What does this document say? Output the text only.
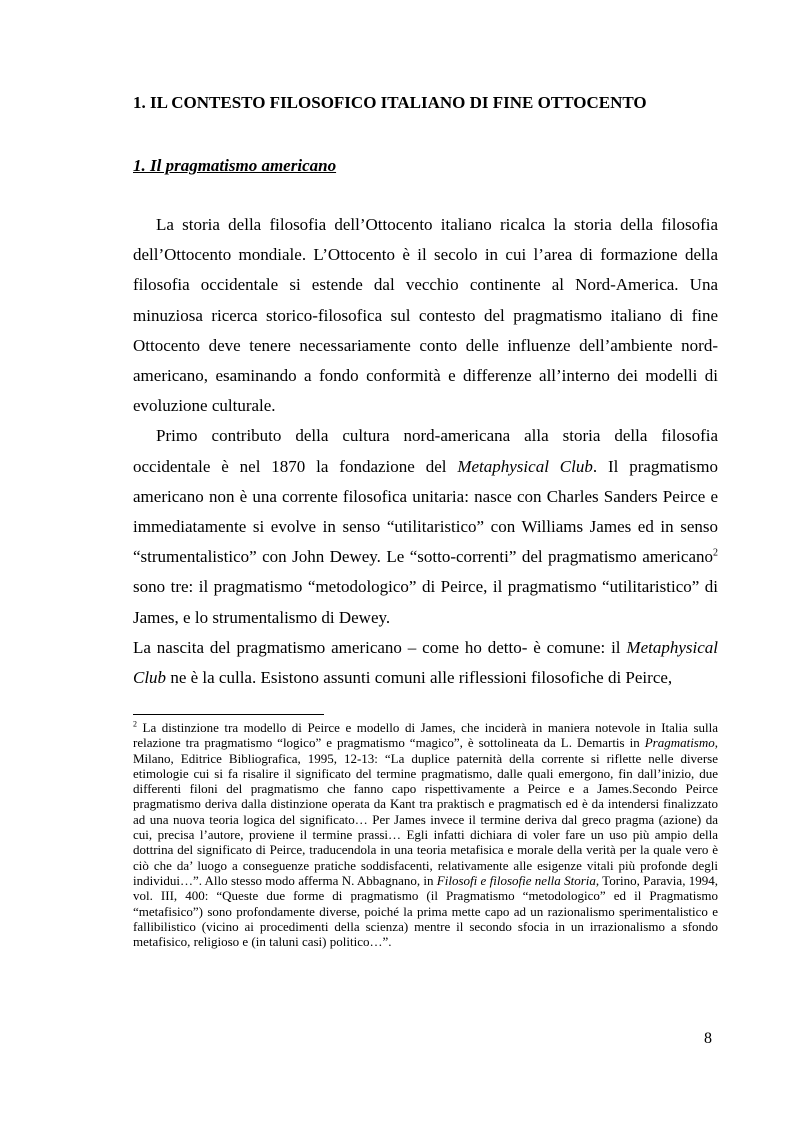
1. IL CONTESTO FILOSOFICO ITALIANO DI FINE OTTOCENTO
1. Il pragmatismo americano

La storia della filosofia dell’Ottocento italiano ricalca la storia della filosofia dell’Ottocento mondiale. L’Ottocento è il secolo in cui l’area di formazione della filosofia occidentale si estende dal vecchio continente al Nord-America. Una minuziosa ricerca storico-filosofica sul contesto del pragmatismo italiano di fine Ottocento deve tenere necessariamente conto delle influenze dell’ambiente nord-americano, esaminando a fondo conformità e differenze all’interno dei modelli di evoluzione culturale.

Primo contributo della cultura nord-americana alla storia della filosofia occidentale è nel 1870 la fondazione del Metaphysical Club. Il pragmatismo americano non è una corrente filosofica unitaria: nasce con Charles Sanders Peirce e immediatamente si evolve in senso “utilitaristico” con Williams James ed in senso “strumentalistico” con John Dewey. Le “sotto-correnti” del pragmatismo americano$^2$ sono tre: il pragmatismo “metodologico” di Peirce, il pragmatismo “utilitaristico” di James, e lo strumentalismo di Dewey.

La nascita del pragmatismo americano – come ho detto- è comune: il Metaphysical Club ne è la culla. Esistono assunti comuni alle riflessioni filosofiche di Peirce,

$^2$ La distinzione tra modello di Peirce e modello di James, che inciderà in maniera notevole in Italia sulla relazione tra pragmatismo “logico” e pragmatismo “magico”, è sottolineata da L. Demartis in Pragmatismo, Milano, Editrice Bibliografica, 1995, 12-13: “La duplice paternità della corrente si riflette nelle diverse etimologie cui si fa risalire il significato del termine pragmatismo, dalle quali emergono, fin dall’inizio, due differenti filoni del pragmatismo che fanno capo rispettivamente a Peirce e a James.Secondo Peirce pragmatismo deriva dalla distinzione operata da Kant tra praktisch e pragmatisch ed è da intendersi finalizzato ad una nuova teoria logica del significato… Per James invece il termine deriva dal greco pragma (azione) da cui, precisa l’autore, proviene il termine prassi… Egli infatti dichiara di voler fare un uso più ampio della dottrina del significato di Peirce, traducendola in una teoria metafisica e morale della verità per la quale vero è ciò che da’ luogo a conseguenze pratiche soddisfacenti, relativamente alle esigenze vitali più profonde degli individui…”. Allo stesso modo afferma N. Abbagnano, in Filosofi e filosofie nella Storia, Torino, Paravia, 1994, vol. III, 400: “Queste due forme di pragmatismo (il Pragmatismo “metodologico” ed il Pragmatismo “metafisico”) sono profondamente diverse, poiché la prima mette capo ad un razionalismo sperimentalistico e fallibilistico (vicino ai procedimenti della scienza) mentre il secondo sfocia in un irrazionalismo a sfondo metafisico, religioso e (in taluni casi) politico…”.

8
